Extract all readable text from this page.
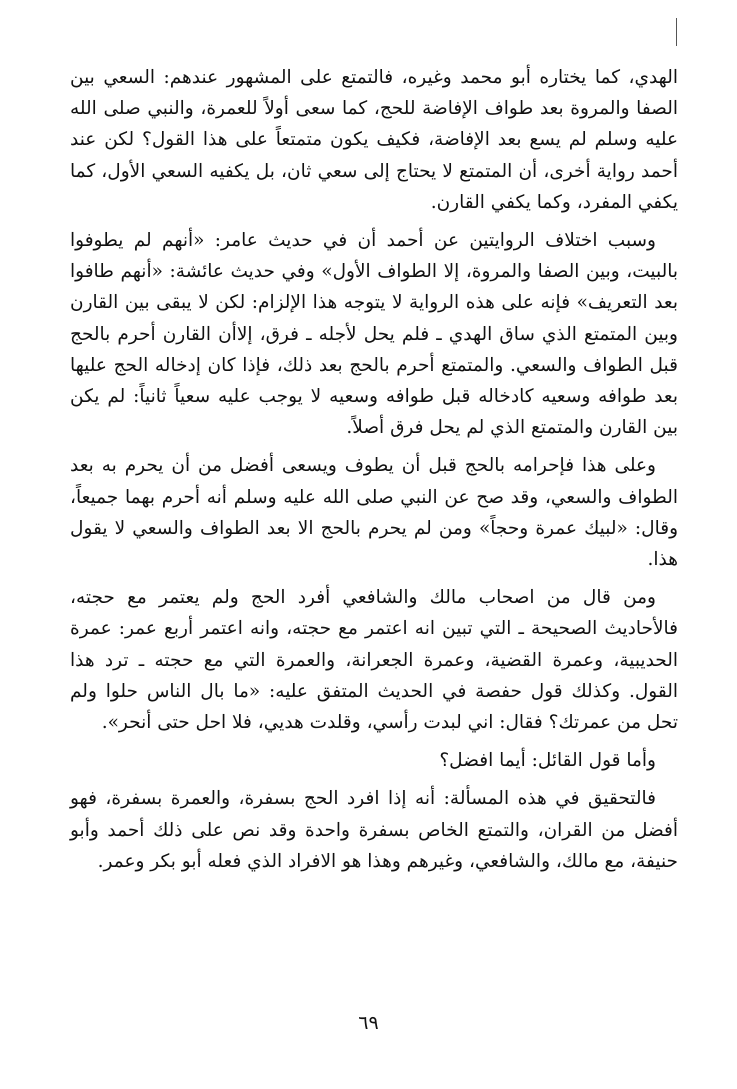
الهدي، كما يختاره أبو محمد وغيره، فالتمتع على المشهور عندهم: السعي بين الصفا والمروة بعد طواف الإفاضة للحج، كما سعى أولاً للعمرة، والنبي صلى الله عليه وسلم لم يسع بعد الإفاضة، فكيف يكون متمتعاً على هذا القول؟ لكن عند أحمد رواية أخرى، أن المتمتع لا يحتاج إلى سعي ثان، بل يكفيه السعي الأول، كما يكفي المفرد، وكما يكفي القارن.

وسبب اختلاف الروايتين عن أحمد أن في حديث عامر: «أنهم لم يطوفوا بالبيت، وبين الصفا والمروة، إلا الطواف الأول» وفي حديث عائشة: «أنهم طافوا بعد التعريف» فإنه على هذه الرواية لا يتوجه هذا الإلزام: لكن لا يبقى بين القارن وبين المتمتع الذي ساق الهدي ـ فلم يحل لأجله ـ فرق، إلاأن القارن أحرم بالحج قبل الطواف والسعي. والمتمتع أحرم بالحج بعد ذلك، فإذا كان إدخاله الحج عليها بعد طوافه وسعيه كادخاله قبل طوافه وسعيه لا يوجب عليه سعياً ثانياً: لم يكن بين القارن والمتمتع الذي لم يحل فرق أصلاً.

وعلى هذا فإحرامه بالحج قبل أن يطوف ويسعى أفضل من أن يحرم به بعد الطواف والسعي، وقد صح عن النبي صلى الله عليه وسلم أنه أحرم بهما جميعاً، وقال: «لبيك عمرة وحجاً» ومن لم يحرم بالحج الا بعد الطواف والسعي لا يقول هذا.

ومن قال من اصحاب مالك والشافعي أفرد الحج ولم يعتمر مع حجته، فالأحاديث الصحيحة ـ التي تبين انه اعتمر مع حجته، وانه اعتمر أربع عمر: عمرة الحديبية، وعمرة القضية، وعمرة الجعرانة، والعمرة التي مع حجته ـ ترد هذا القول. وكذلك قول حفصة في الحديث المتفق عليه: «ما بال الناس حلوا ولم تحل من عمرتك؟ فقال: اني لبدت رأسي، وقلدت هديي، فلا احل حتى أنحر».

وأما قول القائل: أيما افضل؟

فالتحقيق في هذه المسألة: أنه إذا افرد الحج بسفرة، والعمرة بسفرة، فهو أفضل من القران، والتمتع الخاص بسفرة واحدة وقد نص على ذلك أحمد وأبو حنيفة، مع مالك، والشافعي، وغيرهم وهذا هو الافراد الذي فعله أبو بكر وعمر.

٦٩
